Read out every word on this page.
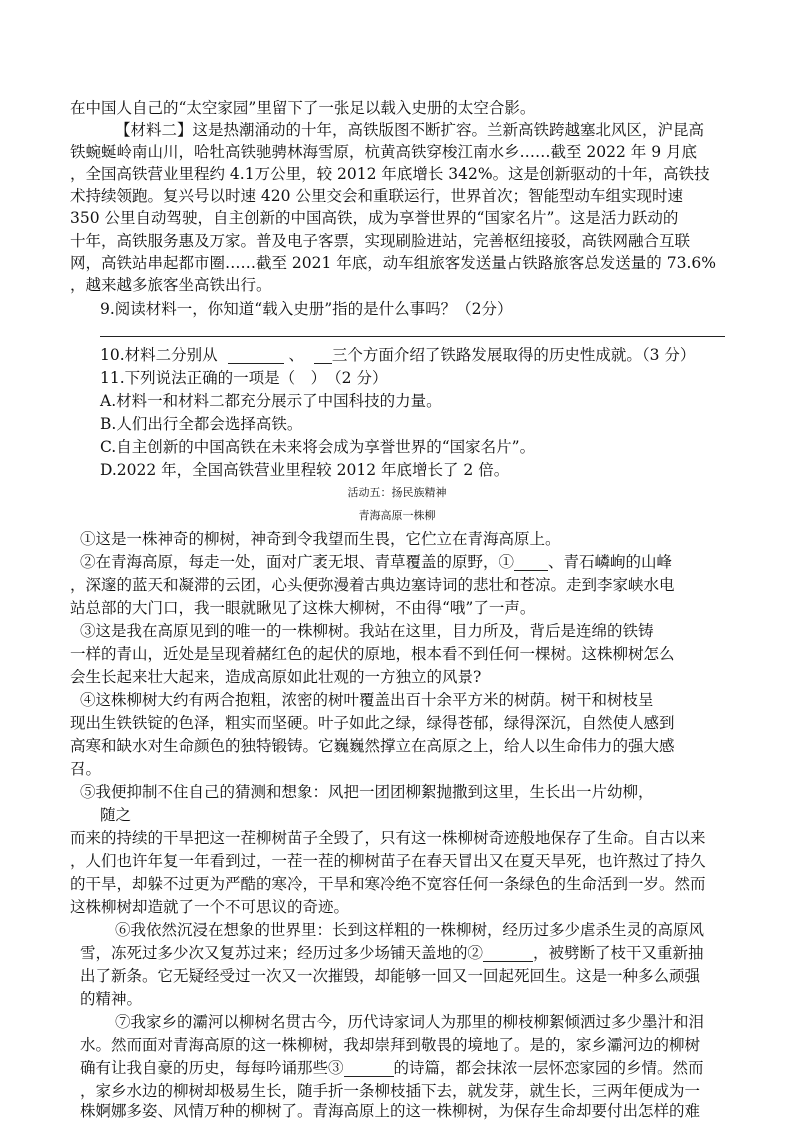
在中国人自己的“太空家园”里留下了一张足以载入史册的太空合影。
【材料二】这是热潮涌动的十年，高铁版图不断扩容。兰新高铁跨越塞北风区，沪昆高
铁蜿蜒岭南山川，哈牡高铁驰骋林海雪原，杭黄高铁穿梭江南水乡……截至 2022 年 9 月底
，全国高铁营业里程约 4.1万公里，较 2012 年底增长 342%。这是创新驱动的十年，高铁技
术持续领跑。复兴号以时速 420 公里交会和重联运行，世界首次；智能型动车组实现时速
350 公里自动驾驶，自主创新的中国高铁，成为享誉世界的“国家名片”。这是活力跃动的
十年，高铁服务惠及万家。普及电子客票，实现刷脸进站，完善枢纽接驳，高铁网融合互联
网，高铁站串起都市圈……截至 2021 年底，动车组旅客发送量占铁路旅客总发送量的 73.6%
，越来越多旅客坐高铁出行。
9.阅读材料一，你知道“载入史册”指的是什么事吗？（2分）
10.材料二分别从	、 三个方面介绍了铁路发展取得的历史性成就。（3 分）
11.下列说法正确的一项是（　）　（2 分）
A.材料一和材料二都充分展示了中国科技的力量。
B.人们出行全都会选择高铁。
C.自主创新的中国高铁在未来将会成为享誉世界的“国家名片”。
D.2022 年，全国高铁营业里程较 2012 年底增长了 2 倍。
活动五：扬民族精神
青海高原一株柳
①这是一株神奇的柳树，神奇到令我望而生畏，它伫立在青海高原上。
②在青海高原，每走一处，面对广袤无垠、青草覆盖的原野，① 、青石嶙峋的山峰
，深邃的蓝天和凝滞的云团，心头便弥漫着古典边塞诗词的悲壮和苍凉。走到李家峡水电
站总部的大门口，我一眼就瞅见了这株大柳树，不由得“哦”了一声。
③这是我在高原见到的唯一的一株柳树。我站在这里，目力所及，背后是连绵的铁铸
一样的青山，近处是呈现着赭红色的起伏的原地，根本看不到任何一棵树。这株柳树怎么
会生长起来壮大起来，造成高原如此壮观的一方独立的风景?
④这株柳树大约有两合抱粗，浓密的树叶覆盖出百十余平方米的树荫。树干和树枝呈
现出生铁铁锭的色泽，粗实而坚硬。叶子如此之绿，绿得苍郁，绿得深沉，自然使人感到
高寒和缺水对生命颜色的独特锻铸。它巍巍然撑立在高原之上，给人以生命伟力的强大感
召。
⑤我便抑制不住自己的猜测和想象：风把一团团柳絮抛撒到这里，生长出一片幼柳，
随之
而来的持续的干旱把这一茬柳树苗子全毁了，只有这一株柳树奇迹般地保存了生命。自古以来
，人们也许年复一年看到过，一茬一茬的柳树苗子在春天冒出又在夏天旱死，也许熬过了持久
的干旱，却躲不过更为严酷的寒冷，干旱和寒冷绝不宽容任何一条绿色的生命活到一岁。然而
这株柳树却造就了一个不可思议的奇迹。
⑥我依然沉浸在想象的世界里：长到这样粗的一株柳树，经历过多少虐杀生灵的高原风
雪，冻死过多少次又复苏过来；经历过多少场铺天盖地的②	，被劈断了枝干又重新抽
出了新条。它无疑经受过一次又一次摧毁，却能够一回又一回起死回生。这是一种多么顽强
的精神。
⑦我家乡的灞河以柳树名贯古今，历代诗家词人为那里的柳枝柳絮倾洒过多少墨汁和泪
水。然而面对青海高原的这一株柳树，我却崇拜到敬畏的境地了。是的，家乡灞河边的柳树
确有让我自豪的历史，每每吟诵那些③	的诗篇，都会抹浓一层怀恋家园的乡情。然而
，家乡水边的柳树却极易生长，随手折一条柳枝插下去，就发芽，就生长，三两年便成为一
株婀娜多姿、风情万种的柳树了。青海高原上的这一株柳树，为保存生命却要付出怎样的难
